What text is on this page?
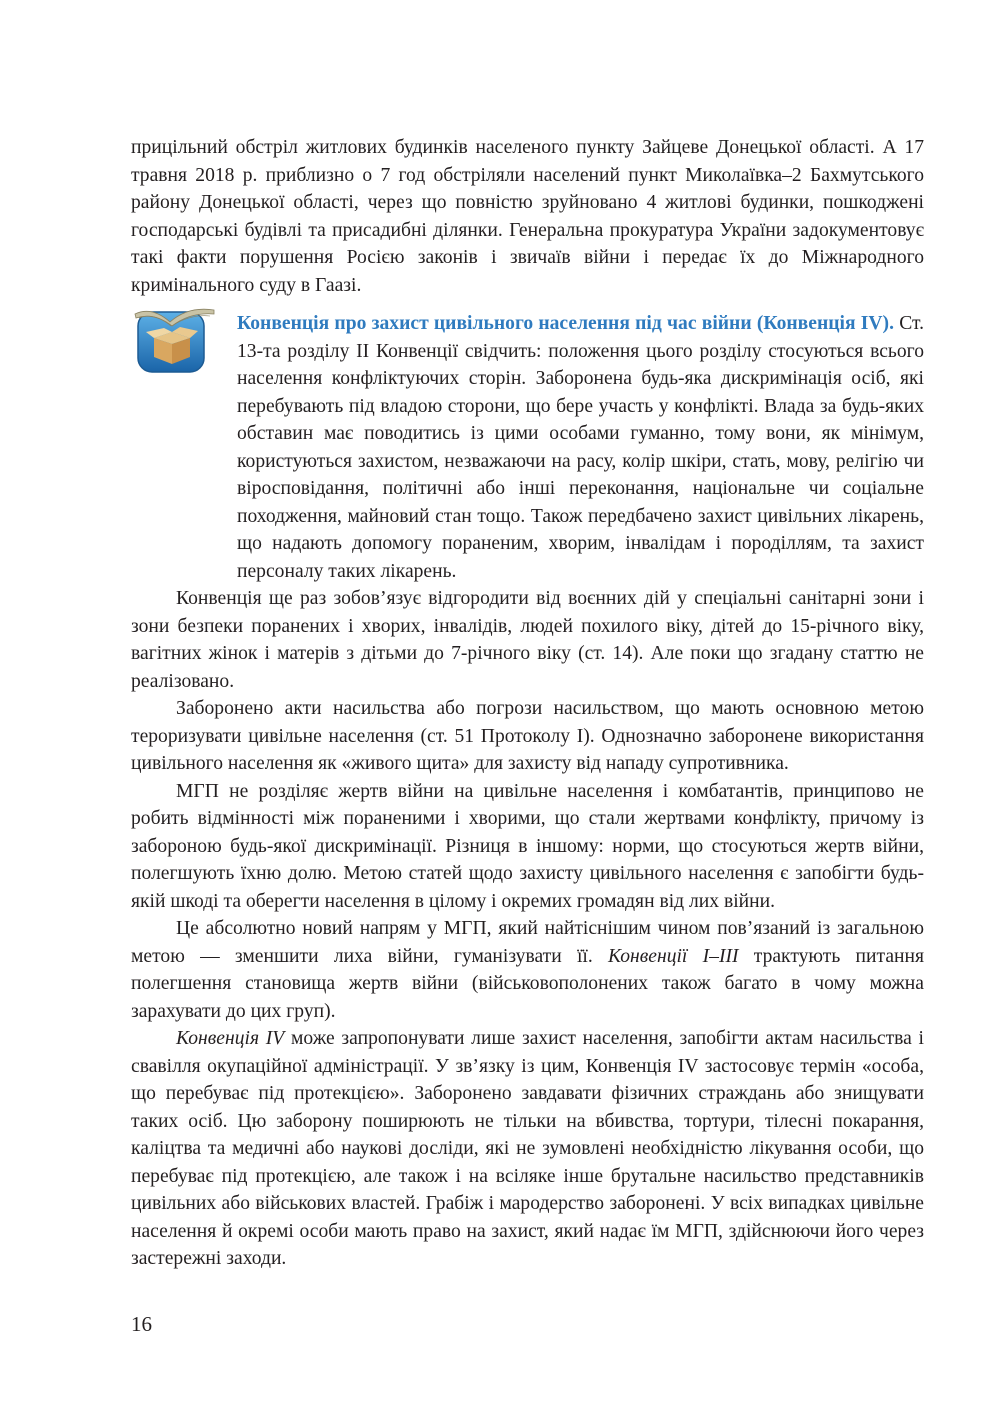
прицільний обстріл житлових будинків населеного пункту Зайцеве Донецької області. А 17 травня 2018 р. приблизно о 7 год обстріляли населений пункт Миколаївка–2 Бахмутського району Донецької області, через що повністю зруйновано 4 житлові будинки, пошкоджені господарські будівлі та присадибні ділянки. Генеральна прокуратура України задокументовує такі факти порушення Росією законів і звичаїв війни і передає їх до Міжнародного кримінального суду в Гаазі.

Конвенція про захист цивільного населення під час війни (Конвенція IV). Ст. 13-та розділу II Конвенції свідчить: положення цього розділу стосуються всього населення конфліктуючих сторін. Заборонена будь-яка дискримінація осіб, які перебувають під владою сторони, що бере участь у конфлікті. Влада за будь-яких обставин має поводитись із цими особами гуманно, тому вони, як мінімум, користуються захистом, незважаючи на расу, колір шкіри, стать, мову, релігію чи віросповідання, політичні або інші переконання, національне чи соціальне походження, майновий стан тощо. Також передбачено захист цивільних лікарень, що надають допомогу пораненим, хворим, інвалідам і породіллям, та захист персоналу таких лікарень.

Конвенція ще раз зобов’язує відгородити від воєнних дій у спеціальні санітарні зони і зони безпеки поранених і хворих, інвалідів, людей похилого віку, дітей до 15-річного віку, вагітних жінок і матерів з дітьми до 7-річного віку (ст. 14). Але поки що згадану статтю не реалізовано.

Заборонено акти насильства або погрози насильством, що мають основною метою тероризувати цивільне населення (ст. 51 Протоколу I). Однозначно заборонене використання цивільного населення як «живого щита» для захисту від нападу супротивника.

МГП не розділяє жертв війни на цивільне населення і комбатантів, принципово не робить відмінності між пораненими і хворими, що стали жертвами конфлікту, причому із забороною будь-якої дискримінації. Різниця в іншому: норми, що стосуються жертв війни, полегшують їхню долю. Метою статей щодо захисту цивільного населення є запобігти будь-якій шкоді та оберегти населення в цілому і окремих громадян від лих війни.

Це абсолютно новий напрям у МГП, який найтіснішим чином пов’язаний із загальною метою — зменшити лиха війни, гуманізувати її. Конвенції I–III трактують питання полегшення становища жертв війни (військовополонених також багато в чому можна зарахувати до цих груп).

Конвенція IV може запропонувати лише захист населення, запобігти актам насильства і свавілля окупаційної адміністрації. У зв’язку із цим, Конвенція IV застосовує термін «особа, що перебуває під протекцією». Заборонено завдавати фізичних страждань або знищувати таких осіб. Цю заборону поширюють не тільки на вбивства, тортури, тілесні покарання, каліцтва та медичні або наукові досліди, які не зумовлені необхідністю лікування особи, що перебуває під протекцією, але також і на всіляке інше брутальне насильство представників цивільних або військових властей. Грабіж і мародерство заборонені. У всіх випадках цивільне населення й окремі особи мають право на захист, який надає їм МГП, здійснюючи його через застережні заходи.

16
